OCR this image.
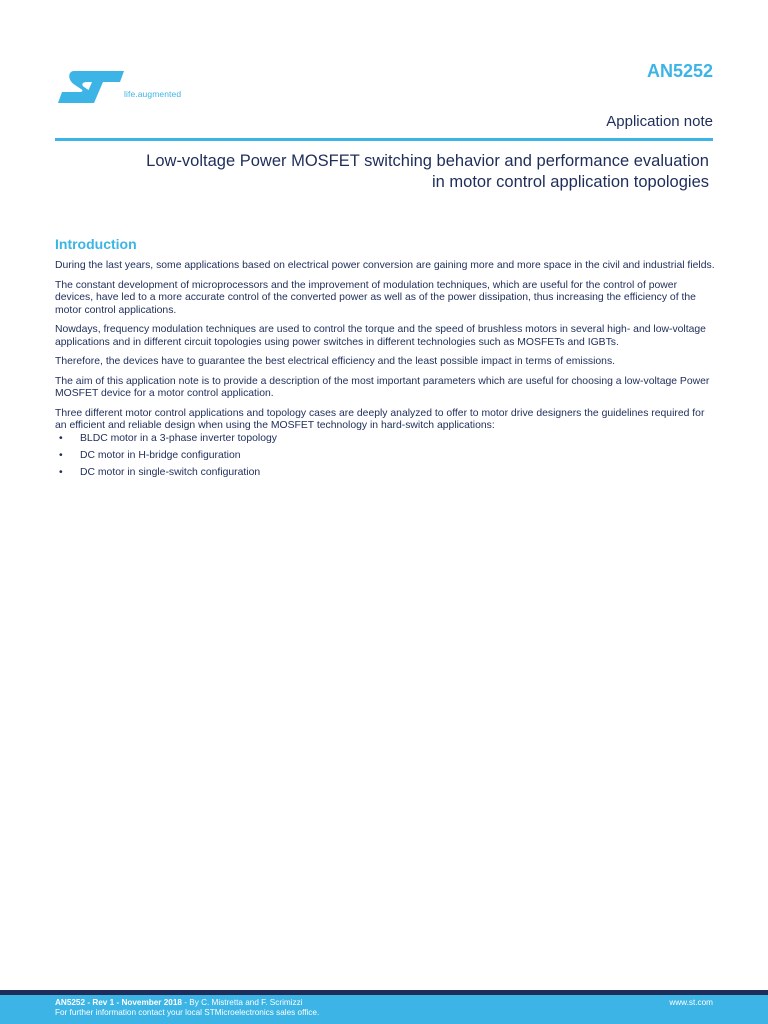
life.augmented
AN5252
Application note
Low-voltage Power MOSFET switching behavior and performance evaluation
in motor control application topologies
Introduction

During the last years, some applications based on electrical power conversion are gaining more and more space in the civil and industrial fields.

The constant development of microprocessors and the improvement of modulation techniques, which are useful for the control of power devices, have led to a more accurate control of the converted power as well as of the power dissipation, thus increasing the efficiency of the motor control applications.

Nowdays, frequency modulation techniques are used to control the torque and the speed of brushless motors in several high- and low-voltage applications and in different circuit topologies using power switches in different technologies such as MOSFETs and IGBTs.

Therefore, the devices have to guarantee the best electrical efficiency and the least possible impact in terms of emissions.

The aim of this application note is to provide a description of the most important parameters which are useful for choosing a low-voltage Power MOSFET device for a motor control application.

Three different motor control applications and topology cases are deeply analyzed to offer to motor drive designers the guidelines required for an efficient and reliable design when using the MOSFET technology in hard-switch applications:

• BLDC motor in a 3-phase inverter topology
• DC motor in H-bridge configuration
• DC motor in single-switch configuration
AN5252 - Rev 1 - November 2018 - By C. Mistretta and F. Scrimizzi
For further information contact your local STMicroelectronics sales office.
www.st.com
